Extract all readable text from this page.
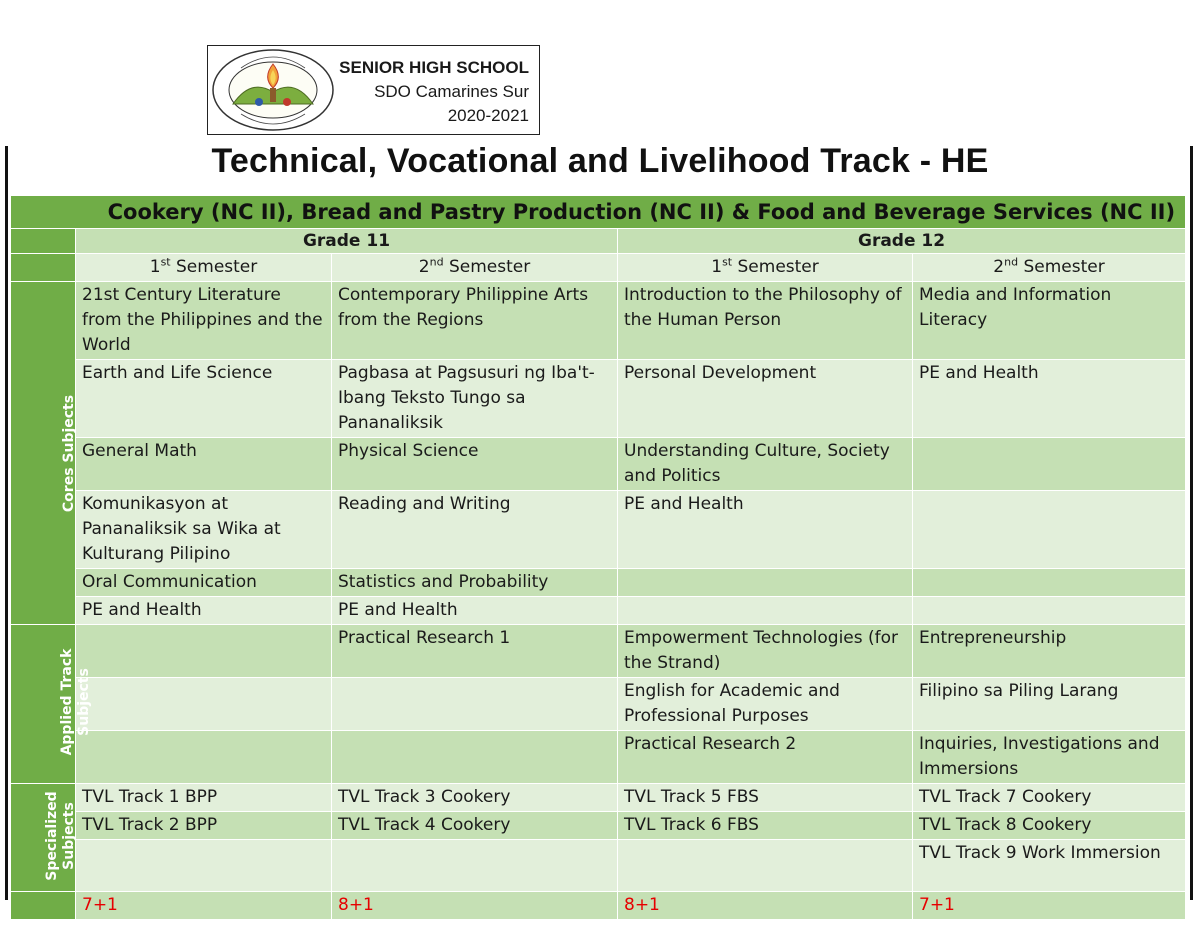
SENIOR HIGH SCHOOL
SDO Camarines Sur
2020-2021
Technical, Vocational and Livelihood Track - HE
Cookery (NC II), Bread and Pastry Production (NC II) & Food and Beverage Services (NC II)				
	Grade 11		Grade 12	
	1st Semester	2nd Semester	1st Semester	2nd Semester
Cores Subjects	21st Century Literature from the Philippines and the World	Contemporary Philippine Arts from the Regions	Introduction to the Philosophy of the Human Person	Media and Information Literacy
	Earth and Life Science	Pagbasa at Pagsusuri ng Iba't-Ibang Teksto Tungo sa Pananaliksik	Personal Development	PE and Health
	General Math	Physical Science	Understanding Culture, Society and Politics	
	Komunikasyon at Pananaliksik sa Wika at Kulturang Pilipino	Reading and Writing	PE and Health	
	Oral Communication	Statistics and Probability		
	PE and Health	PE and Health		
Applied Track Subjects		Practical Research 1	Empowerment Technologies (for the Strand)	Entrepreneurship
			English for Academic and Professional Purposes	Filipino sa Piling Larang
			Practical Research 2	Inquiries, Investigations and Immersions
Specialized Subjects	TVL Track 1 BPP	TVL Track 3 Cookery	TVL Track 5 FBS	TVL Track 7 Cookery
	TVL Track 2 BPP	TVL Track 4 Cookery	TVL Track 6 FBS	TVL Track 8 Cookery
				TVL Track 9 Work Immersion
	7+1	8+1	8+1	7+1
